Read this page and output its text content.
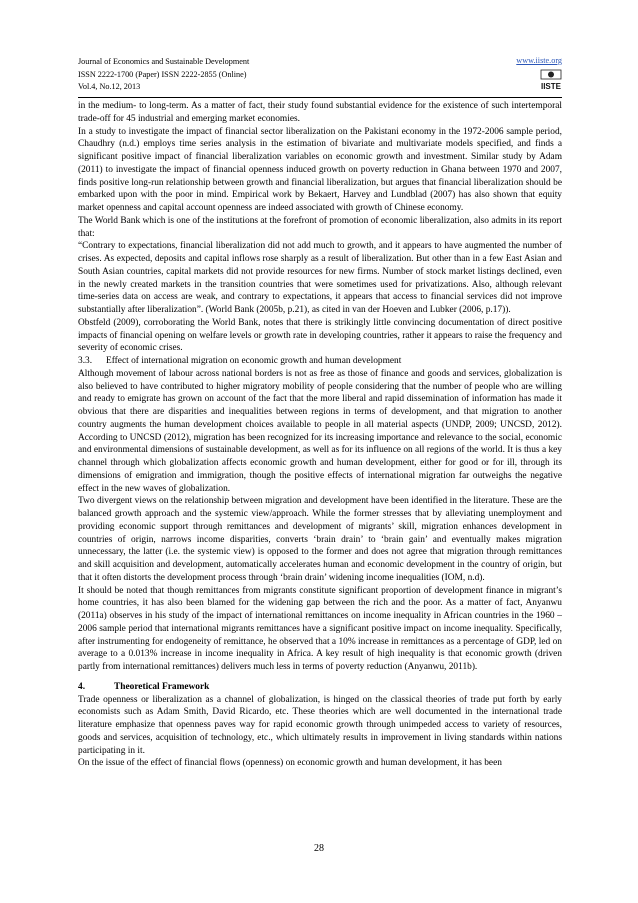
Journal of Economics and Sustainable Development
ISSN 2222-1700 (Paper) ISSN 2222-2855 (Online)
Vol.4, No.12, 2013
www.iiste.org
IISTE

in the medium- to long-term. As a matter of fact, their study found substantial evidence for the existence of such intertemporal trade-off for 45 industrial and emerging market economies.

In a study to investigate the impact of financial sector liberalization on the Pakistani economy in the 1972-2006 sample period, Chaudhry (n.d.) employs time series analysis in the estimation of bivariate and multivariate models specified, and finds a significant positive impact of financial liberalization variables on economic growth and investment. Similar study by Adam (2011) to investigate the impact of financial openness induced growth on poverty reduction in Ghana between 1970 and 2007, finds positive long-run relationship between growth and financial liberalization, but argues that financial liberalization should be embarked upon with the poor in mind. Empirical work by Bekaert, Harvey and Lundblad (2007) has also shown that equity market openness and capital account openness are indeed associated with growth of Chinese economy.

The World Bank which is one of the institutions at the forefront of promotion of economic liberalization, also admits in its report that:

“Contrary to expectations, financial liberalization did not add much to growth, and it appears to have augmented the number of crises. As expected, deposits and capital inflows rose sharply as a result of liberalization. But other than in a few East Asian and South Asian countries, capital markets did not provide resources for new firms. Number of stock market listings declined, even in the newly created markets in the transition countries that were sometimes used for privatizations. Also, although relevant time-series data on access are weak, and contrary to expectations, it appears that access to financial services did not improve substantially after liberalization”. (World Bank (2005b, p.21), as cited in van der Hoeven and Lubker (2006, p.17)).

Obstfeld (2009), corroborating the World Bank, notes that there is strikingly little convincing documentation of direct positive impacts of financial opening on welfare levels or growth rate in developing countries, rather it appears to raise the frequency and severity of economic crises.

3.3. Effect of international migration on economic growth and human development

Although movement of labour across national borders is not as free as those of finance and goods and services, globalization is also believed to have contributed to higher migratory mobility of people considering that the number of people who are willing and ready to emigrate has grown on account of the fact that the more liberal and rapid dissemination of information has made it obvious that there are disparities and inequalities between regions in terms of development, and that migration to another country augments the human development choices available to people in all material aspects (UNDP, 2009; UNCSD, 2012). According to UNCSD (2012), migration has been recognized for its increasing importance and relevance to the social, economic and environmental dimensions of sustainable development, as well as for its influence on all regions of the world. It is thus a key channel through which globalization affects economic growth and human development, either for good or for ill, through its dimensions of emigration and immigration, though the positive effects of international migration far outweighs the negative effect in the new waves of globalization.

Two divergent views on the relationship between migration and development have been identified in the literature. These are the balanced growth approach and the systemic view/approach. While the former stresses that by alleviating unemployment and providing economic support through remittances and development of migrants’ skill, migration enhances development in countries of origin, narrows income disparities, converts ‘brain drain’ to ‘brain gain’ and eventually makes migration unnecessary, the latter (i.e. the systemic view) is opposed to the former and does not agree that migration through remittances and skill acquisition and development, automatically accelerates human and economic development in the country of origin, but that it often distorts the development process through ‘brain drain’ widening income inequalities (IOM, n.d).

It should be noted that though remittances from migrants constitute significant proportion of development finance in migrant’s home countries, it has also been blamed for the widening gap between the rich and the poor. As a matter of fact, Anyanwu (2011a) observes in his study of the impact of international remittances on income inequality in African countries in the 1960 – 2006 sample period that international migrants remittances have a significant positive impact on income inequality. Specifically, after instrumenting for endogeneity of remittance, he observed that a 10% increase in remittances as a percentage of GDP, led on average to a 0.013% increase in income inequality in Africa. A key result of high inequality is that economic growth (driven partly from international remittances) delivers much less in terms of poverty reduction (Anyanwu, 2011b).

4.	Theoretical Framework

Trade openness or liberalization as a channel of globalization, is hinged on the classical theories of trade put forth by early economists such as Adam Smith, David Ricardo, etc. These theories which are well documented in the international trade literature emphasize that openness paves way for rapid economic growth through unimpeded access to variety of resources, goods and services, acquisition of technology, etc., which ultimately results in improvement in living standards within nations participating in it.

On the issue of the effect of financial flows (openness) on economic growth and human development, it has been

28
